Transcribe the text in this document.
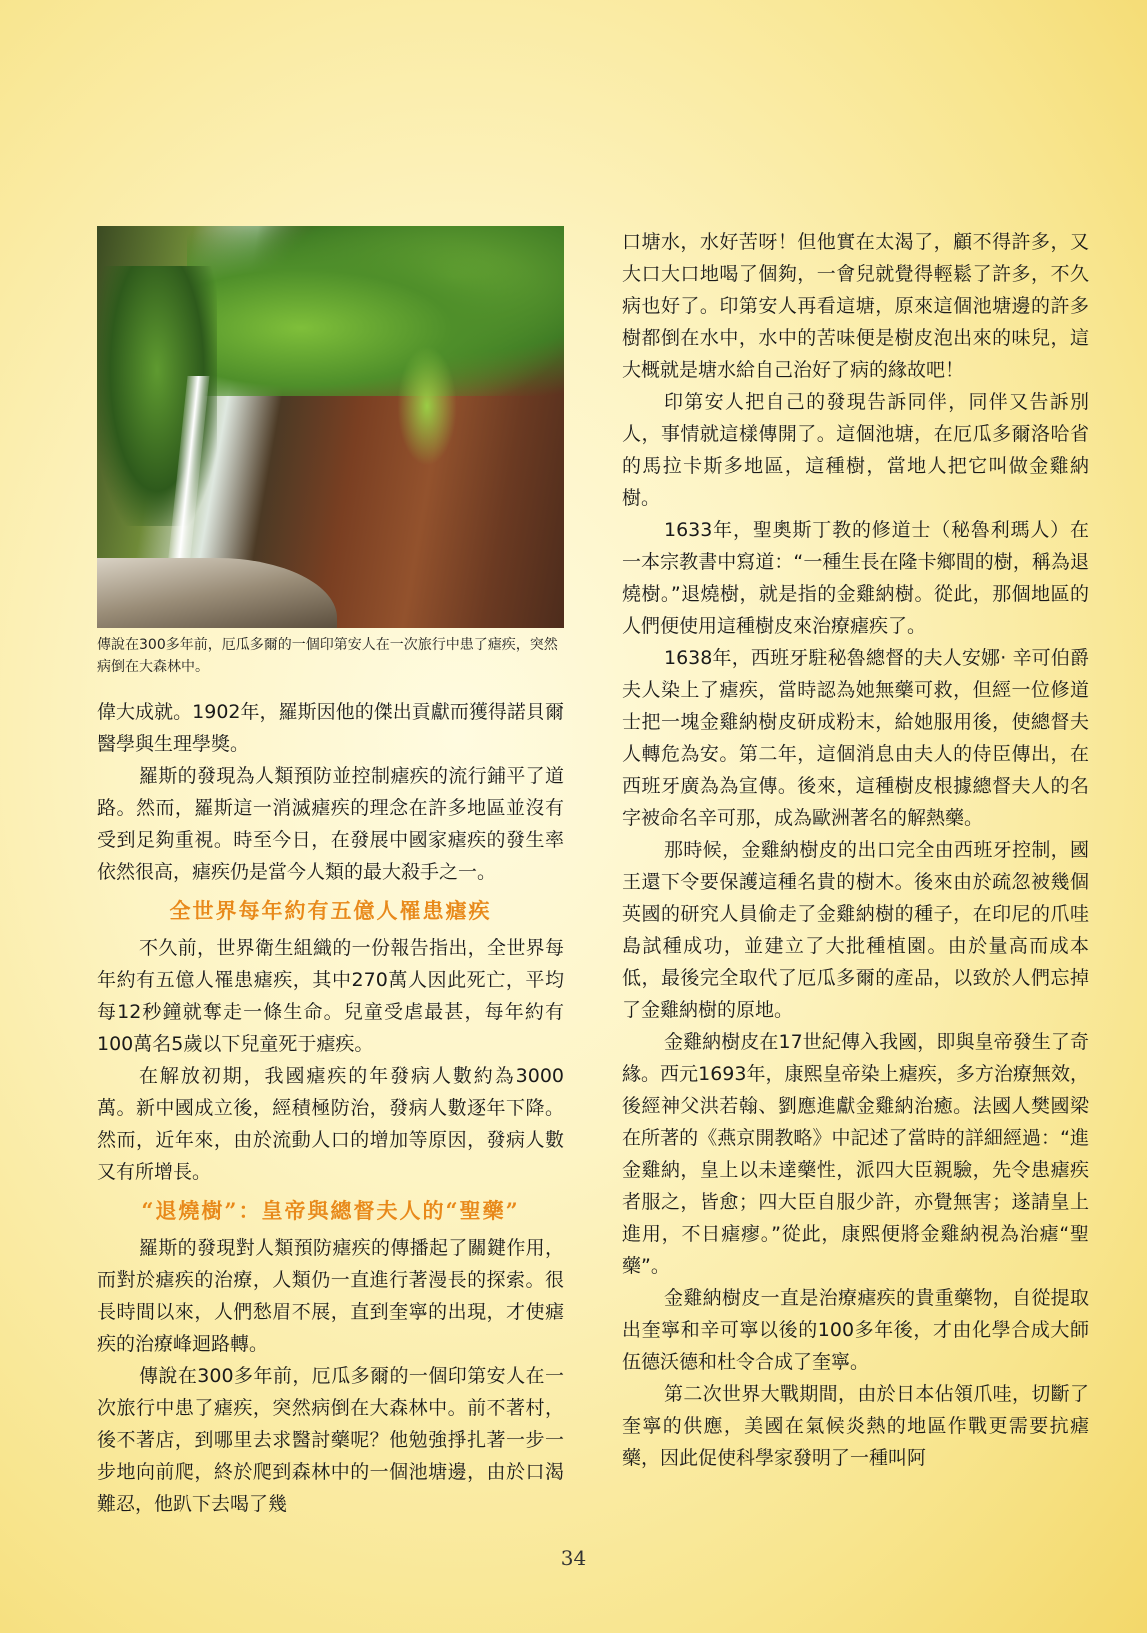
傳說在300多年前，厄瓜多爾的一個印第安人在一次旅行中患了瘧疾，突然病倒在大森林中。

偉大成就。1902年，羅斯因他的傑出貢獻而獲得諾貝爾醫學與生理學獎。

羅斯的發現為人類預防並控制瘧疾的流行鋪平了道路。然而，羅斯這一消滅瘧疾的理念在許多地區並沒有受到足夠重視。時至今日，在發展中國家瘧疾的發生率依然很高，瘧疾仍是當今人類的最大殺手之一。

全世界每年約有五億人罹患瘧疾

不久前，世界衛生組織的一份報告指出，全世界每年約有五億人罹患瘧疾，其中270萬人因此死亡，平均每12秒鐘就奪走一條生命。兒童受虐最甚，每年約有100萬名5歲以下兒童死于瘧疾。

在解放初期，我國瘧疾的年發病人數約為3000萬。新中國成立後，經積極防治，發病人數逐年下降。然而，近年來，由於流動人口的增加等原因，發病人數又有所增長。

“退燒樹”：皇帝與總督夫人的“聖藥”

羅斯的發現對人類預防瘧疾的傳播起了關鍵作用，而對於瘧疾的治療，人類仍一直進行著漫長的探索。很長時間以來，人們愁眉不展，直到奎寧的出現，才使瘧疾的治療峰迴路轉。

傳說在300多年前，厄瓜多爾的一個印第安人在一次旅行中患了瘧疾，突然病倒在大森林中。前不著村，後不著店，到哪里去求醫討藥呢？他勉強掙扎著一步一步地向前爬，終於爬到森林中的一個池塘邊，由於口渴難忍，他趴下去喝了幾

口塘水，水好苦呀！但他實在太渴了，顧不得許多，又大口大口地喝了個夠，一會兒就覺得輕鬆了許多，不久病也好了。印第安人再看這塘，原來這個池塘邊的許多樹都倒在水中，水中的苦味便是樹皮泡出來的味兒，這大概就是塘水給自己治好了病的緣故吧！

印第安人把自己的發現告訴同伴，同伴又告訴別人，事情就這樣傳開了。這個池塘，在厄瓜多爾洛哈省的馬拉卡斯多地區，這種樹，當地人把它叫做金雞納樹。

1633年，聖奧斯丁教的修道士（秘魯利瑪人）在一本宗教書中寫道：“一種生長在隆卡鄉間的樹，稱為退燒樹。”退燒樹，就是指的金雞納樹。從此，那個地區的人們便使用這種樹皮來治療瘧疾了。

1638年，西班牙駐秘魯總督的夫人安娜· 辛可伯爵夫人染上了瘧疾，當時認為她無藥可救，但經一位修道士把一塊金雞納樹皮研成粉末，給她服用後，使總督夫人轉危為安。第二年，這個消息由夫人的侍臣傳出，在西班牙廣為為宣傳。後來，這種樹皮根據總督夫人的名字被命名辛可那，成為歐洲著名的解熱藥。

那時候，金雞納樹皮的出口完全由西班牙控制，國王還下令要保護這種名貴的樹木。後來由於疏忽被幾個英國的研究人員偷走了金雞納樹的種子，在印尼的爪哇島試種成功，並建立了大批種植園。由於量高而成本低，最後完全取代了厄瓜多爾的產品，以致於人們忘掉了金雞納樹的原地。

金雞納樹皮在17世紀傳入我國，即與皇帝發生了奇緣。西元1693年，康熙皇帝染上瘧疾，多方治療無效，後經神父洪若翰、劉應進獻金雞納治癒。法國人樊國梁在所著的《燕京開教略》中記述了當時的詳細經過：“進金雞納，皇上以未達藥性，派四大臣親驗，先令患瘧疾者服之，皆愈；四大臣自服少許，亦覺無害；遂請皇上進用，不日瘧瘳。”從此，康熙便將金雞納視為治瘧“聖藥”。

金雞納樹皮一直是治療瘧疾的貴重藥物，自從提取出奎寧和辛可寧以後的100多年後，才由化學合成大師伍德沃德和杜令合成了奎寧。

第二次世界大戰期間，由於日本佔領爪哇，切斷了奎寧的供應，美國在氣候炎熱的地區作戰更需要抗瘧藥，因此促使科學家發明了一種叫阿

34
